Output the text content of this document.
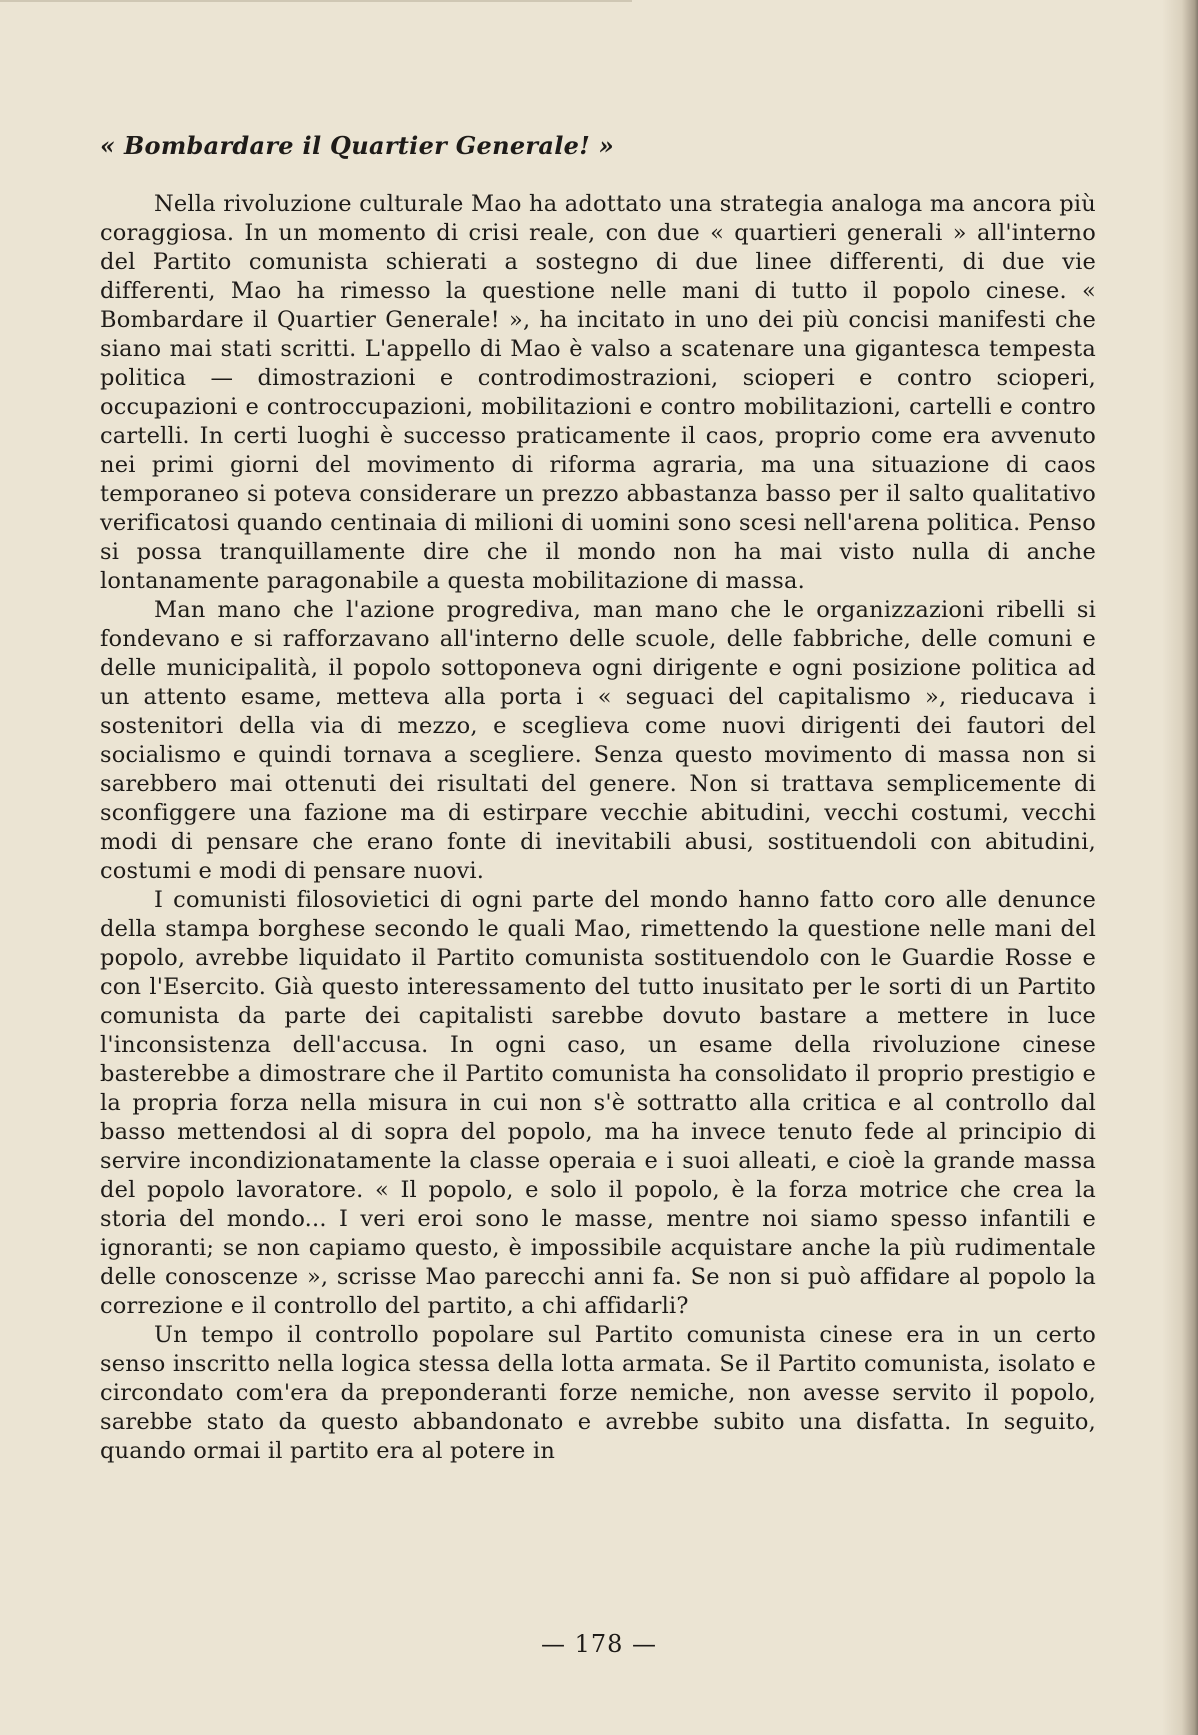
« Bombardare il Quartier Generale! »

Nella rivoluzione culturale Mao ha adottato una strategia analoga ma ancora più coraggiosa. In un momento di crisi reale, con due « quartieri generali » all'interno del Partito comunista schierati a sostegno di due linee differenti, di due vie differenti, Mao ha rimesso la questione nelle mani di tutto il popolo cinese. « Bombardare il Quartier Generale! », ha incitato in uno dei più concisi manifesti che siano mai stati scritti. L'appello di Mao è valso a scatenare una gigantesca tempesta politica — dimostrazioni e controdimostrazioni, scioperi e contro scioperi, occupazioni e controccupazioni, mobilitazioni e contro mobilitazioni, cartelli e contro cartelli. In certi luoghi è successo praticamente il caos, proprio come era avvenuto nei primi giorni del movimento di riforma agraria, ma una situazione di caos temporaneo si poteva considerare un prezzo abbastanza basso per il salto qualitativo verificatosi quando centinaia di milioni di uomini sono scesi nell'arena politica. Penso si possa tranquillamente dire che il mondo non ha mai visto nulla di anche lontanamente paragonabile a questa mobilitazione di massa.

Man mano che l'azione progrediva, man mano che le organizzazioni ribelli si fondevano e si rafforzavano all'interno delle scuole, delle fabbriche, delle comuni e delle municipalità, il popolo sottoponeva ogni dirigente e ogni posizione politica ad un attento esame, metteva alla porta i « seguaci del capitalismo », rieducava i sostenitori della via di mezzo, e sceglieva come nuovi dirigenti dei fautori del socialismo e quindi tornava a scegliere. Senza questo movimento di massa non si sarebbero mai ottenuti dei risultati del genere. Non si trattava semplicemente di sconfiggere una fazione ma di estirpare vecchie abitudini, vecchi costumi, vecchi modi di pensare che erano fonte di inevitabili abusi, sostituendoli con abitudini, costumi e modi di pensare nuovi.

I comunisti filosovietici di ogni parte del mondo hanno fatto coro alle denunce della stampa borghese secondo le quali Mao, rimettendo la questione nelle mani del popolo, avrebbe liquidato il Partito comunista sostituendolo con le Guardie Rosse e con l'Esercito. Già questo interessamento del tutto inusitato per le sorti di un Partito comunista da parte dei capitalisti sarebbe dovuto bastare a mettere in luce l'inconsistenza dell'accusa. In ogni caso, un esame della rivoluzione cinese basterebbe a dimostrare che il Partito comunista ha consolidato il proprio prestigio e la propria forza nella misura in cui non s'è sottratto alla critica e al controllo dal basso mettendosi al di sopra del popolo, ma ha invece tenuto fede al principio di servire incondizionatamente la classe operaia e i suoi alleati, e cioè la grande massa del popolo lavoratore. « Il popolo, e solo il popolo, è la forza motrice che crea la storia del mondo... I veri eroi sono le masse, mentre noi siamo spesso infantili e ignoranti; se non capiamo questo, è impossibile acquistare anche la più rudimentale delle conoscenze », scrisse Mao parecchi anni fa. Se non si può affidare al popolo la correzione e il controllo del partito, a chi affidarli?

Un tempo il controllo popolare sul Partito comunista cinese era in un certo senso inscritto nella logica stessa della lotta armata. Se il Partito comunista, isolato e circondato com'era da preponderanti forze nemiche, non avesse servito il popolo, sarebbe stato da questo abbandonato e avrebbe subito una disfatta. In seguito, quando ormai il partito era al potere in

— 178 —
